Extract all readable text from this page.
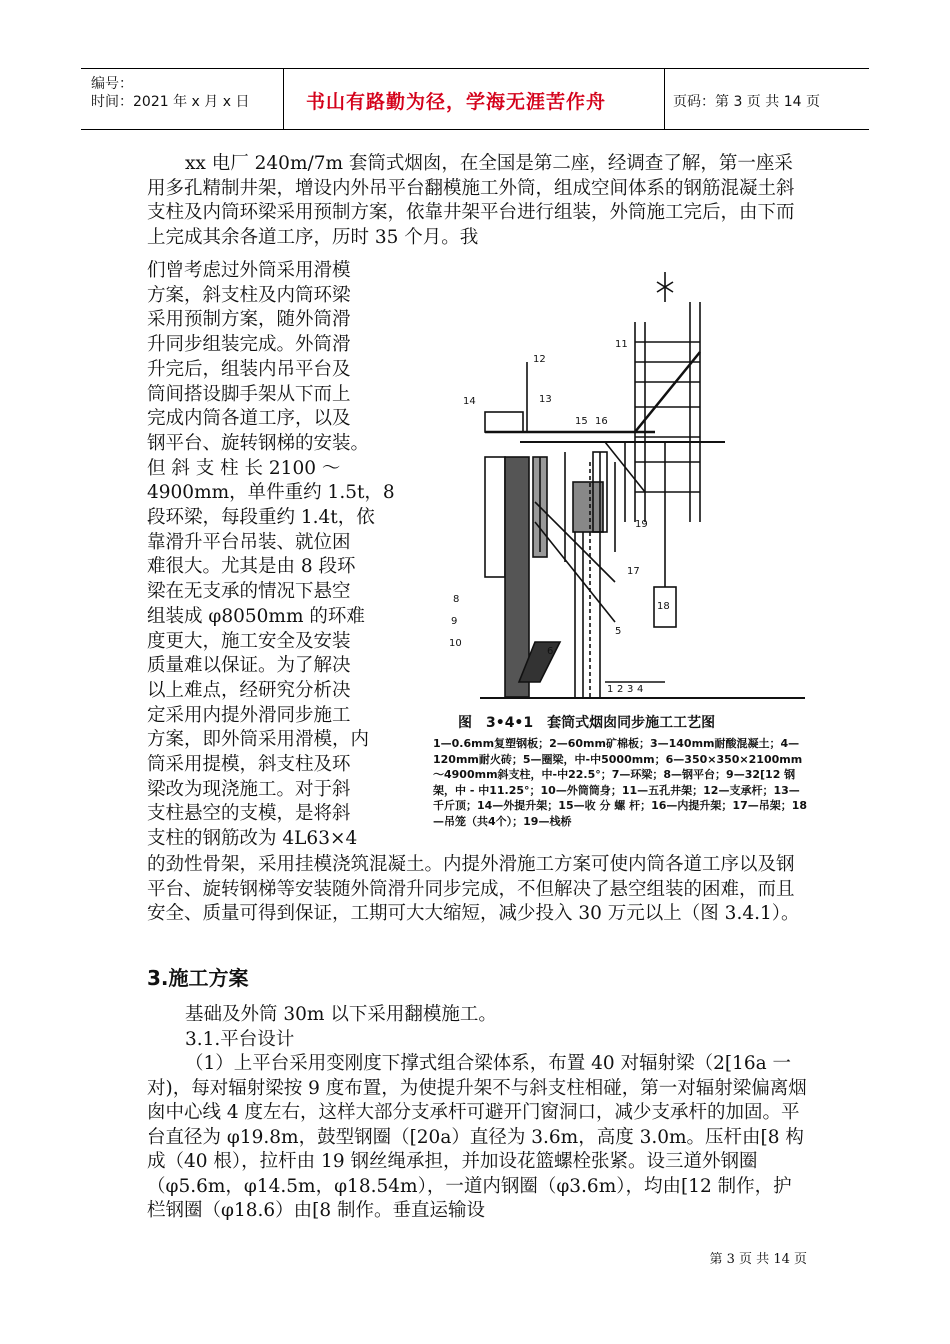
编号：
时间：2021 年 x 月 x 日	书山有路勤为径，学海无涯苦作舟	页码：第 3 页 共 14 页
xx 电厂 240m/7m 套筒式烟囱，在全国是第二座，经调查了解，第一座采用多孔精制井架，增设内外吊平台翻模施工外筒，组成空间体系的钢筋混凝土斜支柱及内筒环梁采用预制方案，依靠井架平台进行组装，外筒施工完后，由下而上完成其余各道工序，历时 35 个月。我
们曾考虑过外筒采用滑模
方案，斜支柱及内筒环梁
采用预制方案，随外筒滑
升同步组装完成。外筒滑
升完后，组装内吊平台及
筒间搭设脚手架从下而上
完成内筒各道工序，以及
钢平台、旋转钢梯的安装。
但 斜 支 柱 长 2100 ～
4900mm，单件重约 1.5t，8
段环梁，每段重约 1.4t，依
靠滑升平台吊装、就位困
难很大。尤其是由 8 段环
梁在无支承的情况下悬空
组装成 φ8050mm 的环难
度更大，施工安全及安装
质量难以保证。为了解决
以上难点，经研究分析决
定采用内提外滑同步施工
方案，即外筒采用滑模，内
筒采用提模，斜支柱及环
梁改为现浇施工。对于斜
支柱悬空的支模，是将斜
支柱的钢筋改为 4L63×4
11
12
14	13
15 16
19
17
18
8
9
10
6
5
1 2 3 4
图　3•4•1　套筒式烟囱同步施工工艺图
1—0.6mm复塑钢板；2—60mm矿棉板；3—140mm耐酸混凝土；4—120mm耐火砖；5—圈梁，中-中5000mm；6—350×350×2100mm～4900mm斜支柱，中-中22.5°；7—环梁；8—钢平台；9—32[12 钢 架，中 - 中11.25°；10—外筒筒身；11—五孔井架；12—支承杆；13—千斤顶；14—外提升架；15—收 分 螺 杆；16—内提升架；17—吊架；18—吊笼（共4个）；19—栈桥
的劲性骨架，采用挂模浇筑混凝土。内提外滑施工方案可使内筒各道工序以及钢平台、旋转钢梯等安装随外筒滑升同步完成，不但解决了悬空组装的困难，而且安全、质量可得到保证，工期可大大缩短，减少投入 30 万元以上（图 3.4.1）。
3.施工方案
基础及外筒 30m 以下采用翻模施工。
3.1.平台设计
（1）上平台采用变刚度下撑式组合梁体系，布置 40 对辐射梁（2[16a 一对)，每对辐射梁按 9 度布置，为使提升架不与斜支柱相碰，第一对辐射梁偏离烟囱中心线 4 度左右，这样大部分支承杆可避开门窗洞口，减少支承杆的加固。平台直径为 φ19.8m，鼓型钢圈（[20a）直径为 3.6m，高度 3.0m。压杆由[8 构成（40 根），拉杆由 19 钢丝绳承担，并加设花篮螺栓张紧。设三道外钢圈（φ5.6m，φ14.5m，φ18.54m），一道内钢圈（φ3.6m），均由[12 制作，护栏钢圈（φ18.6）由[8 制作。垂直运输设
第 3 页 共 14 页
